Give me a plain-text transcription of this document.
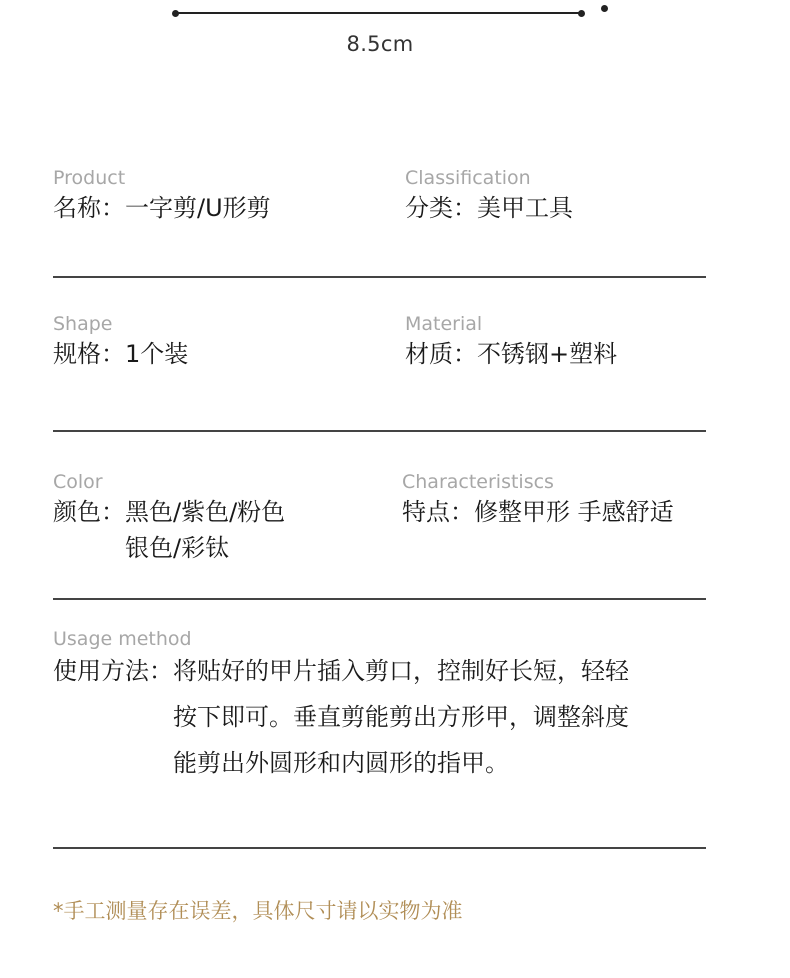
8.5cm
Product
名称： 一字剪/U形剪
Classification
分类： 美甲工具
Shape
规格： 1个装
Material
材质： 不锈钢+塑料
Color
颜色： 黑色/紫色/粉色
银色/彩钛
Characteristiscs
特点： 修整甲形 手感舒适
Usage method
使用方法： 将贴好的甲片插入剪口，控制好长短，轻轻
按下即可。垂直剪能剪出方形甲，调整斜度
能剪出外圆形和内圆形的指甲。
*手工测量存在误差，具体尺寸请以实物为准
